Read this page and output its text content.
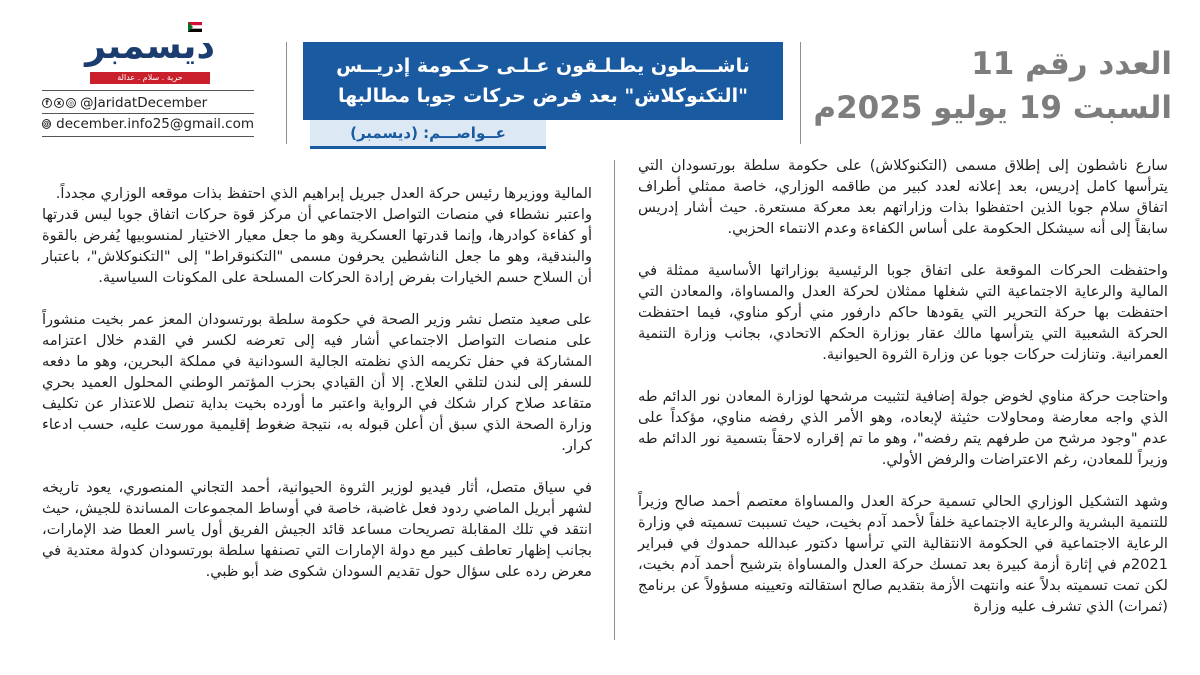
العدد رقم 11
السبت 19 يوليو 2025م
ناشـــطون يطـلـقون عـلـى حـكـومة إدريــس
"التكنوكلاش" بعد فرض حركات جوبا مطالبها
عــواصـــم: (ديسمبر)
ديسمبر
حرية . سلام . عدالة
f	x ◎ @JaridatDecember
@ december.info25@gmail.com

سارع ناشطون إلى إطلاق مسمى (التكنوكلاش) على حكومة سلطة بورتسودان التي يترأسها كامل إدريس، بعد إعلانه لعدد كبير من طاقمه الوزاري، خاصة ممثلي أطراف اتفاق سلام جوبا الذين احتفظوا بذات وزاراتهم بعد معركة مستعرة. حيث أشار إدريس سابقاً إلى أنه سيشكل الحكومة على أساس الكفاءة وعدم الانتماء الحزبي.

واحتفظت الحركات الموقعة على اتفاق جوبا الرئيسية بوزاراتها الأساسية ممثلة في المالية والرعاية الاجتماعية التي شغلها ممثلان لحركة العدل والمساواة، والمعادن التي احتفظت بها حركة التحرير التي يقودها حاكم دارفور مني أركو مناوي، فيما احتفظت الحركة الشعبية التي يترأسها مالك عقار بوزارة الحكم الاتحادي، بجانب وزارة التنمية العمرانية. وتنازلت حركات جوبا عن وزارة الثروة الحيوانية.

واحتاجت حركة مناوي لخوض جولة إضافية لتثبيت مرشحها لوزارة المعادن نور الدائم طه الذي واجه معارضة ومحاولات حثيثة لإبعاده، وهو الأمر الذي رفضه مناوي، مؤكداً على عدم "وجود مرشح من طرفهم يتم رفضه"، وهو ما تم إقراره لاحقاً بتسمية نور الدائم طه وزيراً للمعادن، رغم الاعتراضات والرفض الأولي.

وشهد التشكيل الوزاري الحالي تسمية حركة العدل والمساواة معتصم أحمد صالح وزيراً للتنمية البشرية والرعاية الاجتماعية خلفاً لأحمد آدم بخيت، حيث تسببت تسميته في وزارة الرعاية الاجتماعية في الحكومة الانتقالية التي ترأسها دكتور عبدالله حمدوك في فبراير 2021م في إثارة أزمة كبيرة بعد تمسك حركة العدل والمساواة بترشيح أحمد آدم بخيت، لكن تمت تسميته بدلاً عنه وانتهت الأزمة بتقديم صالح استقالته وتعيينه مسؤولاً عن برنامج (ثمرات) الذي تشرف عليه وزارة

المالية ووزيرها رئيس حركة العدل جبريل إبراهيم الذي احتفظ بذات موقعه الوزاري مجدداً.
واعتبر نشطاء في منصات التواصل الاجتماعي أن مركز قوة حركات اتفاق جوبا ليس قدرتها أو كفاءة كوادرها، وإنما قدرتها العسكرية وهو ما جعل معيار الاختيار لمنسوبيها يُفرض بالقوة والبندقية، وهو ما جعل الناشطين يحرفون مسمى "التكنوقراط" إلى "التكنوكلاش"، باعتبار أن السلاح حسم الخيارات بفرض إرادة الحركات المسلحة على المكونات السياسية.

على صعيد متصل نشر وزير الصحة في حكومة سلطة بورتسودان المعز عمر بخيت منشوراً على منصات التواصل الاجتماعي أشار فيه إلى تعرضه لكسر في القدم خلال اعتزامه المشاركة في حفل تكريمه الذي نظمته الجالية السودانية في مملكة البحرين، وهو ما دفعه للسفر إلى لندن لتلقي العلاج. إلا أن القيادي بحزب المؤتمر الوطني المحلول العميد بحري متقاعد صلاح كرار شكك في الرواية واعتبر ما أورده بخيت بداية تنصل للاعتذار عن تكليف وزارة الصحة الذي سبق أن أعلن قبوله به، نتيجة ضغوط إقليمية مورست عليه، حسب ادعاء كرار.

في سياق متصل، أثار فيديو لوزير الثروة الحيوانية، أحمد التجاني المنصوري، يعود تاريخه لشهر أبريل الماضي ردود فعل غاضبة، خاصة في أوساط المجموعات المساندة للجيش، حيث انتقد في تلك المقابلة تصريحات مساعد قائد الجيش الفريق أول ياسر العطا ضد الإمارات، بجانب إظهار تعاطف كبير مع دولة الإمارات التي تصنفها سلطة بورتسودان كدولة معتدية في معرض رده على سؤال حول تقديم السودان شكوى ضد أبو ظبي.
